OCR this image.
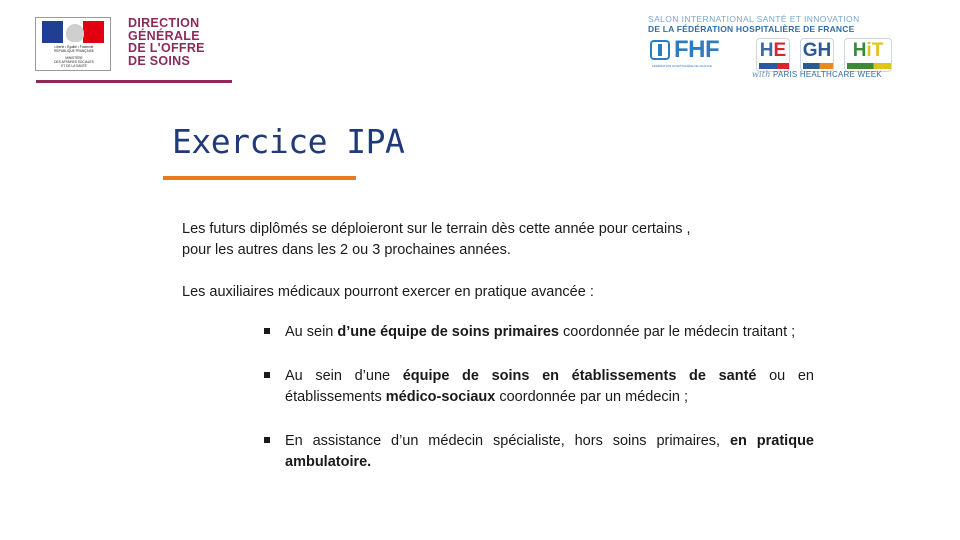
Liberté • Égalité • Fraternité
RÉPUBLIQUE FRANÇAISE
MINISTÈRE
DES AFFAIRES SOCIALES
ET DE LA SANTÉ
DIRECTION
GÉNÉRALE
DE L'OFFRE
DE SOINS
SALON INTERNATIONAL SANTÉ ET INNOVATION
DE LA FÉDÉRATION HOSPITALIÈRE DE FRANCE
FHF
FÉDÉRATION HOSPITALIÈRE DE FRANCE
HE GH	HiT
with PARIS HEALTHCARE WEEK
Exercice IPA

Les futurs diplômés se déploieront sur le terrain dès cette année pour certains ,

pour les autres dans les 2 ou 3 prochaines années.

Les auxiliaires médicaux pourront exercer en pratique avancée :
Au sein d’une équipe de soins primaires coordonnée par le médecin traitant ;
Au sein d’une équipe de soins en établissements de santé ou en établissements médico-sociaux coordonnée par un médecin ;
En assistance d’un médecin spécialiste, hors soins primaires, en pratique ambulatoire.
